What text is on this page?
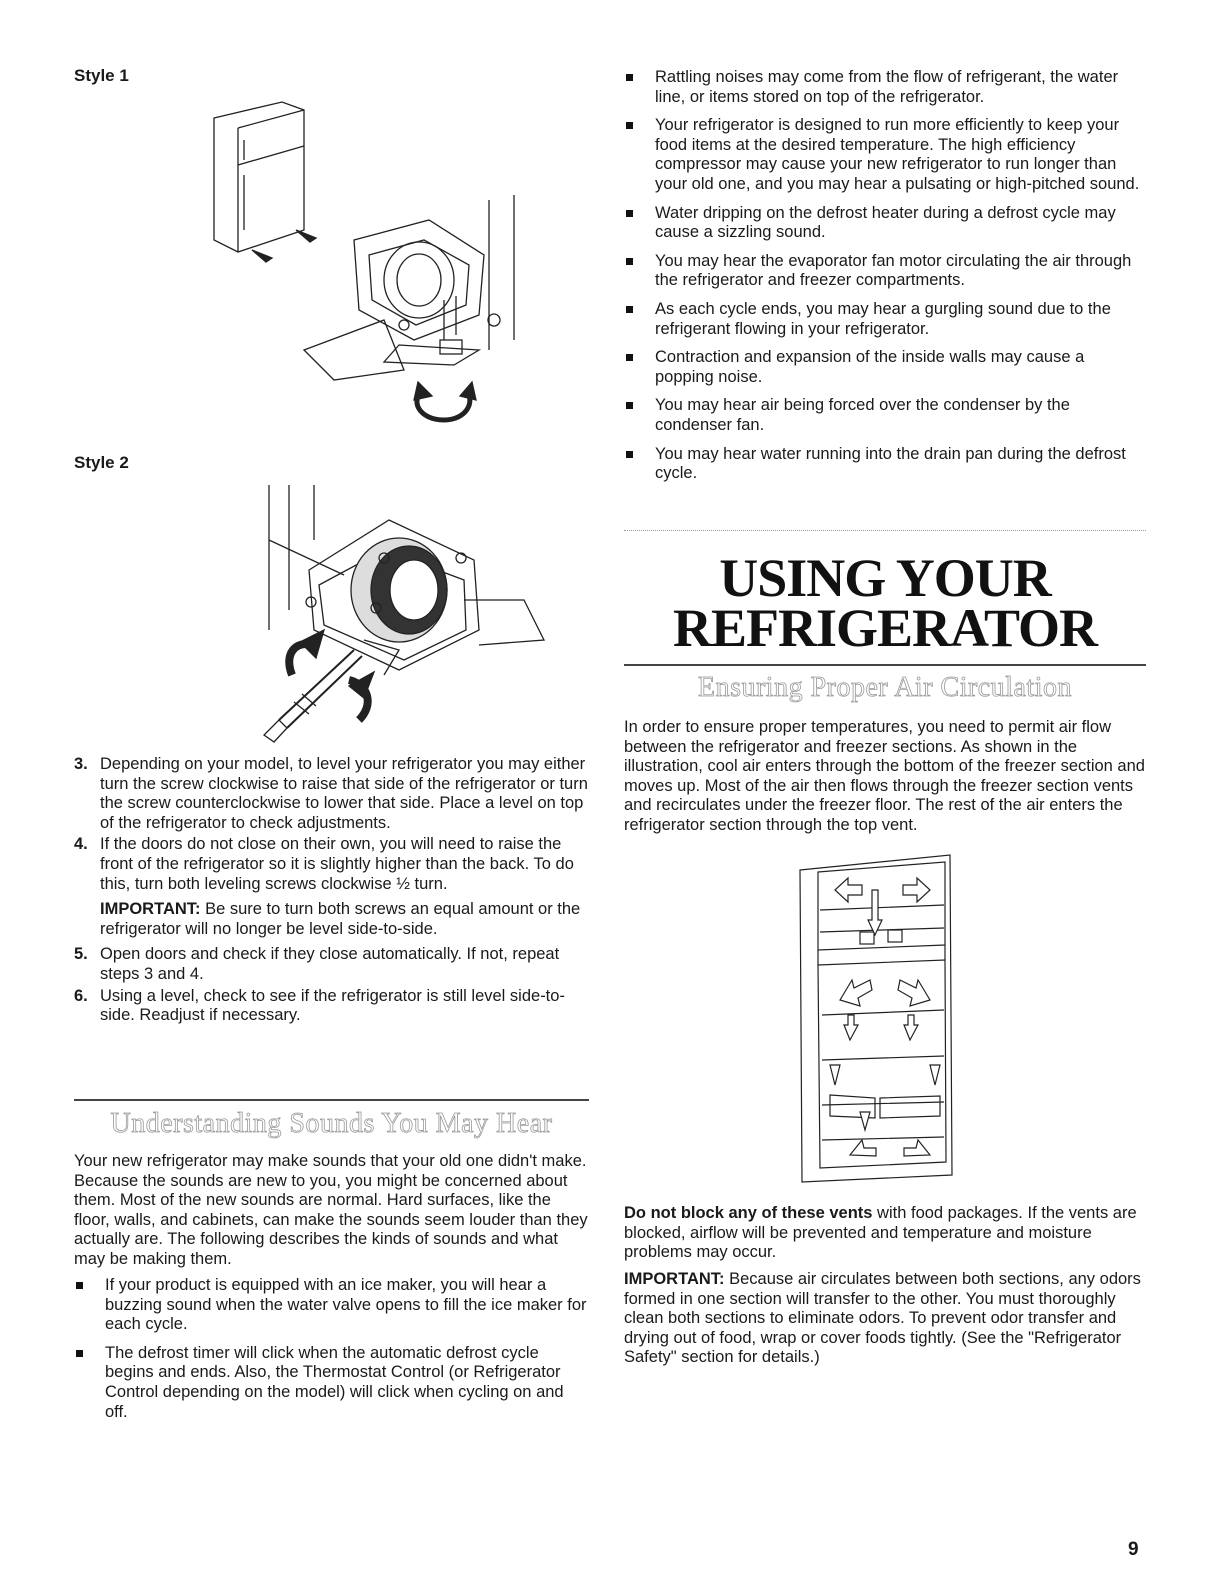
Style 1
Style 2
3. Depending on your model, to level your refrigerator you may either turn the screw clockwise to raise that side of the refrigerator or turn the screw counterclockwise to lower that side. Place a level on top of the refrigerator to check adjustments.
4. If the doors do not close on their own, you will need to raise the front of the refrigerator so it is slightly higher than the back. To do this, turn both leveling screws clockwise ½ turn.
IMPORTANT: Be sure to turn both screws an equal amount or the refrigerator will no longer be level side-to-side.
5. Open doors and check if they close automatically. If not, repeat steps 3 and 4.
6. Using a level, check to see if the refrigerator is still level side-to-side. Readjust if necessary.
Understanding Sounds You May Hear
Your new refrigerator may make sounds that your old one didn't make. Because the sounds are new to you, you might be concerned about them. Most of the new sounds are normal. Hard surfaces, like the floor, walls, and cabinets, can make the sounds seem louder than they actually are. The following describes the kinds of sounds and what may be making them.
If your product is equipped with an ice maker, you will hear a buzzing sound when the water valve opens to fill the ice maker for each cycle.
The defrost timer will click when the automatic defrost cycle begins and ends. Also, the Thermostat Control (or Refrigerator Control depending on the model) will click when cycling on and off.
Rattling noises may come from the flow of refrigerant, the water line, or items stored on top of the refrigerator.
Your refrigerator is designed to run more efficiently to keep your food items at the desired temperature. The high efficiency compressor may cause your new refrigerator to run longer than your old one, and you may hear a pulsating or high-pitched sound.
Water dripping on the defrost heater during a defrost cycle may cause a sizzling sound.
You may hear the evaporator fan motor circulating the air through the refrigerator and freezer compartments.
As each cycle ends, you may hear a gurgling sound due to the refrigerant flowing in your refrigerator.
Contraction and expansion of the inside walls may cause a popping noise.
You may hear air being forced over the condenser by the condenser fan.
You may hear water running into the drain pan during the defrost cycle.
USING YOUR
REFRIGERATOR
Ensuring Proper Air Circulation
In order to ensure proper temperatures, you need to permit air flow between the refrigerator and freezer sections. As shown in the illustration, cool air enters through the bottom of the freezer section and moves up. Most of the air then flows through the freezer section vents and recirculates under the freezer floor. The rest of the air enters the refrigerator section through the top vent.
Do not block any of these vents with food packages. If the vents are blocked, airflow will be prevented and temperature and moisture problems may occur.
IMPORTANT: Because air circulates between both sections, any odors formed in one section will transfer to the other. You must thoroughly clean both sections to eliminate odors. To prevent odor transfer and drying out of food, wrap or cover foods tightly. (See the "Refrigerator Safety" section for details.)
9
